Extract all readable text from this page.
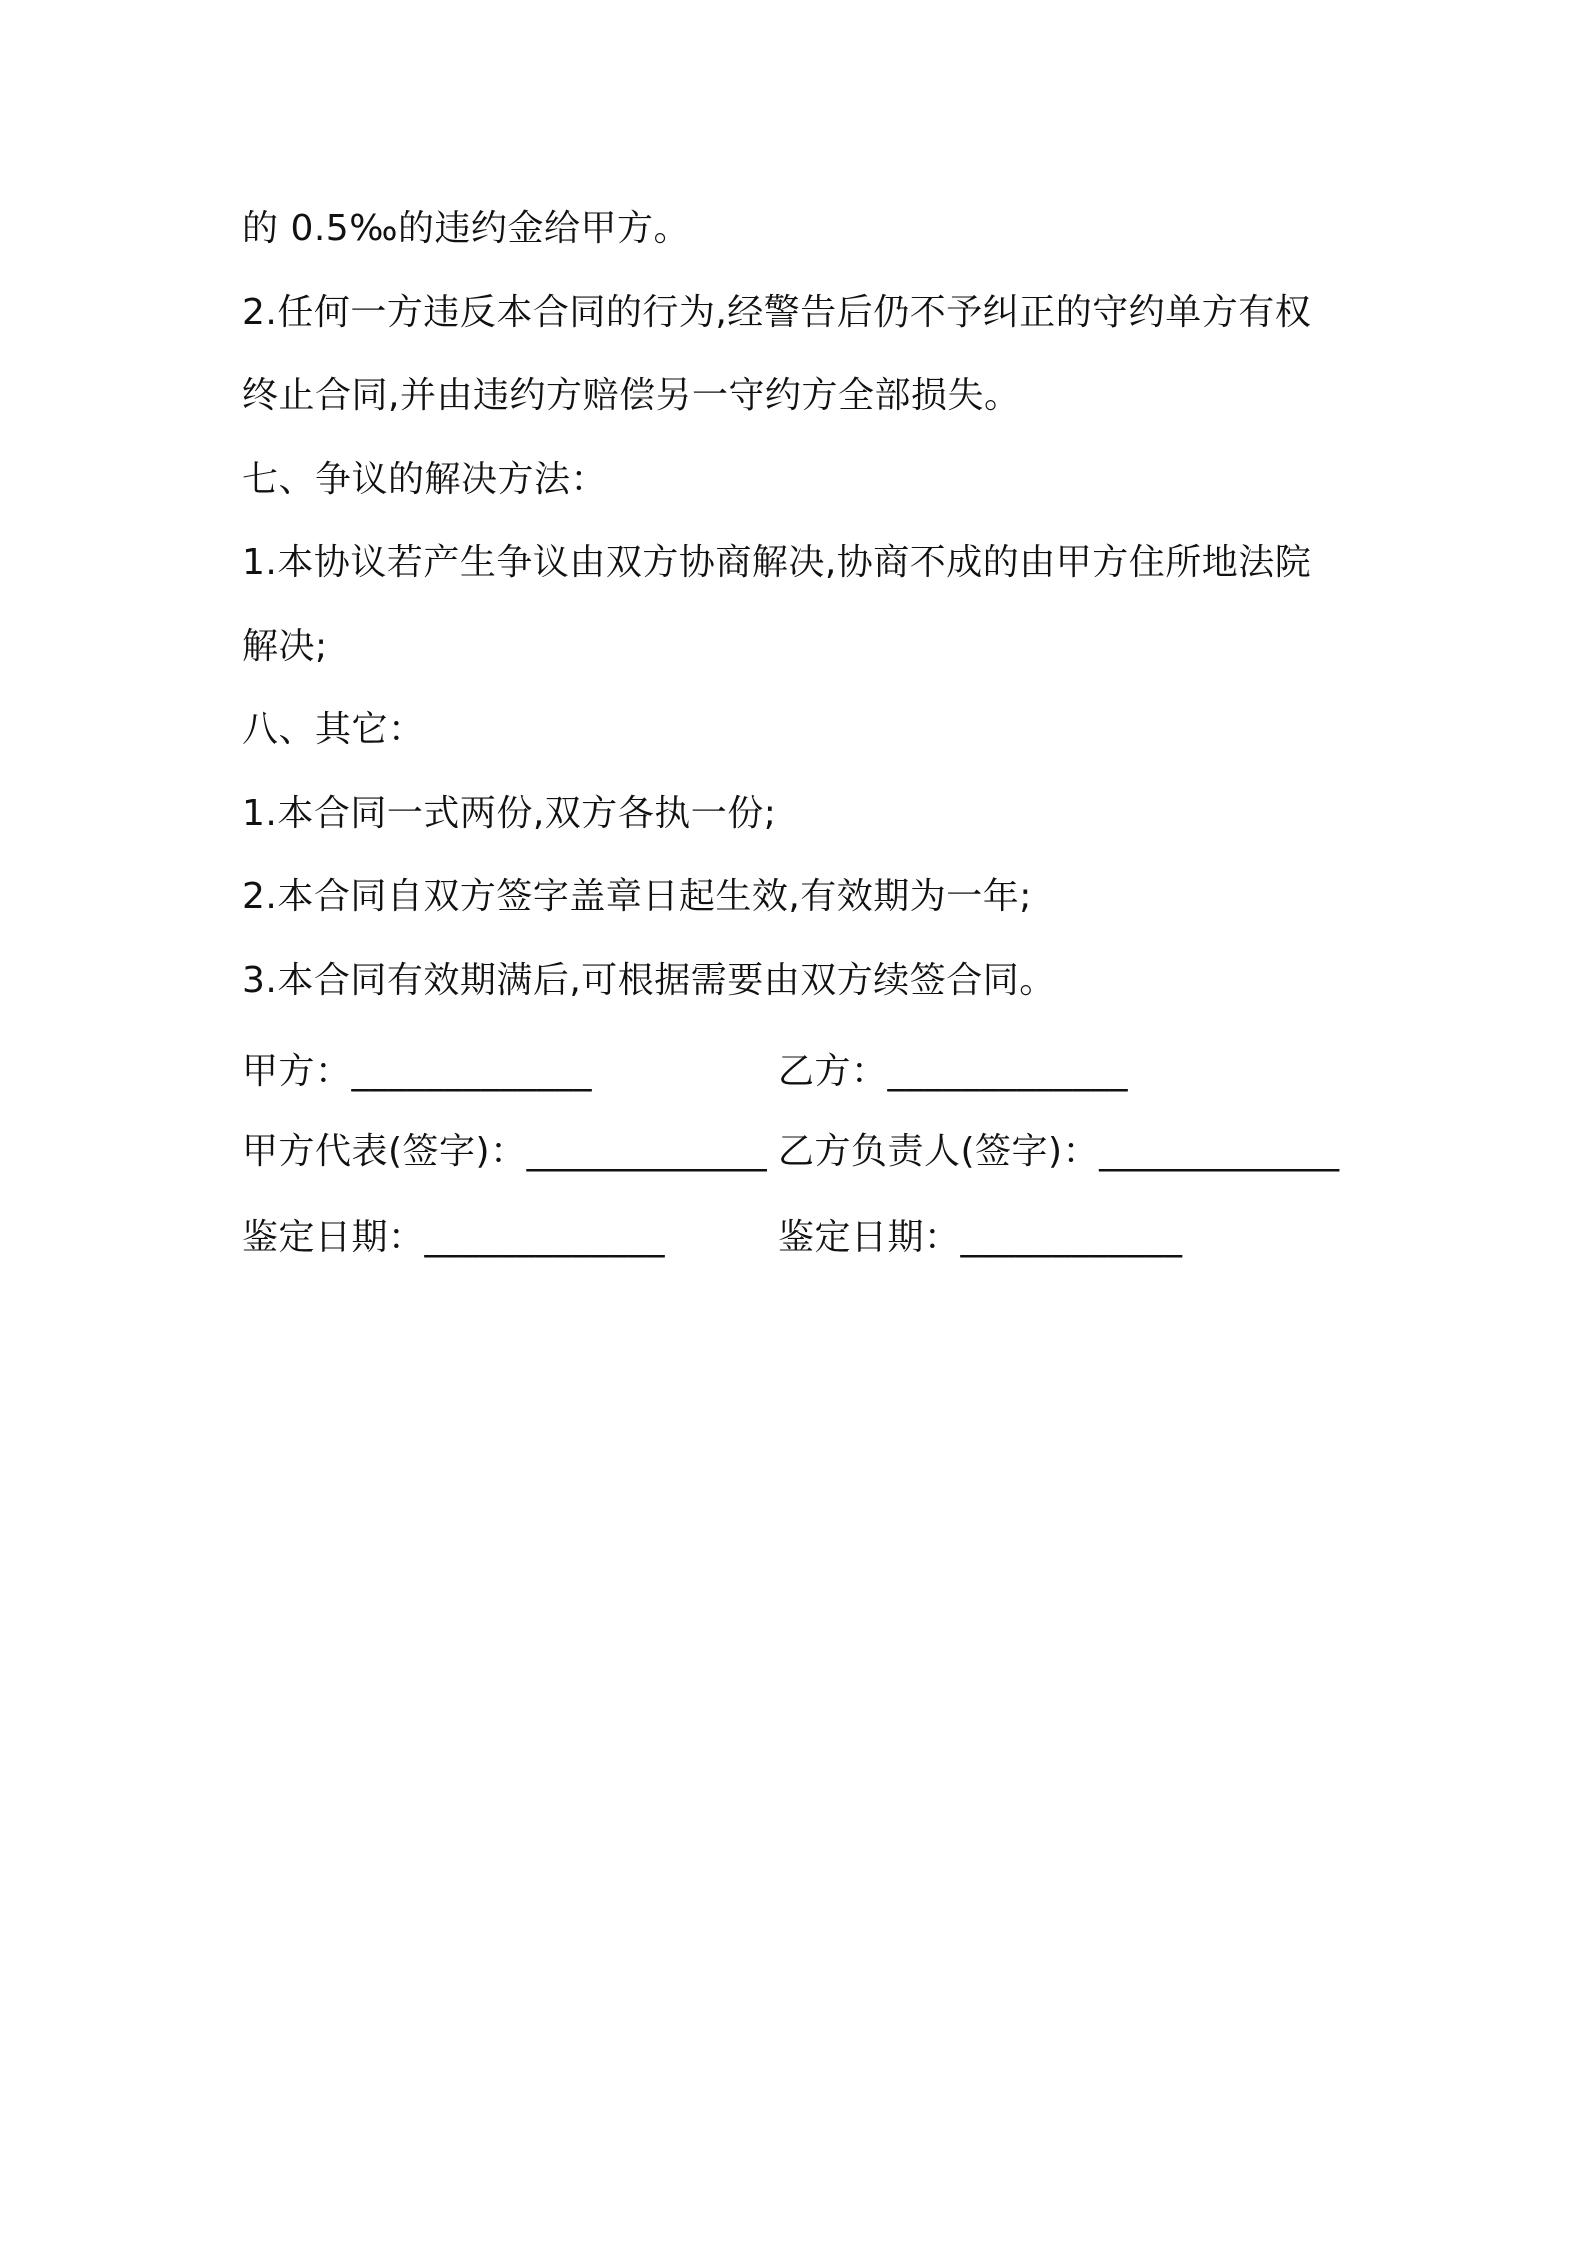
的 0.5‰的违约金给甲方。
2.任何一方违反本合同的行为,经警告后仍不予纠正的守约单方有权
终止合同,并由违约方赔偿另一守约方全部损失。
七、争议的解决方法：
1.本协议若产生争议由双方协商解决,协商不成的由甲方住所地法院
解决;
八、其它：
1.本合同一式两份,双方各执一份;
2.本合同自双方签字盖章日起生效,有效期为一年;
3.本合同有效期满后,可根据需要由双方续签合同。
甲方：_____________	乙方：_____________
甲方代表(签字)：_____________ 乙方负责人(签字)：_____________
鉴定日期：_____________	鉴定日期：____________
